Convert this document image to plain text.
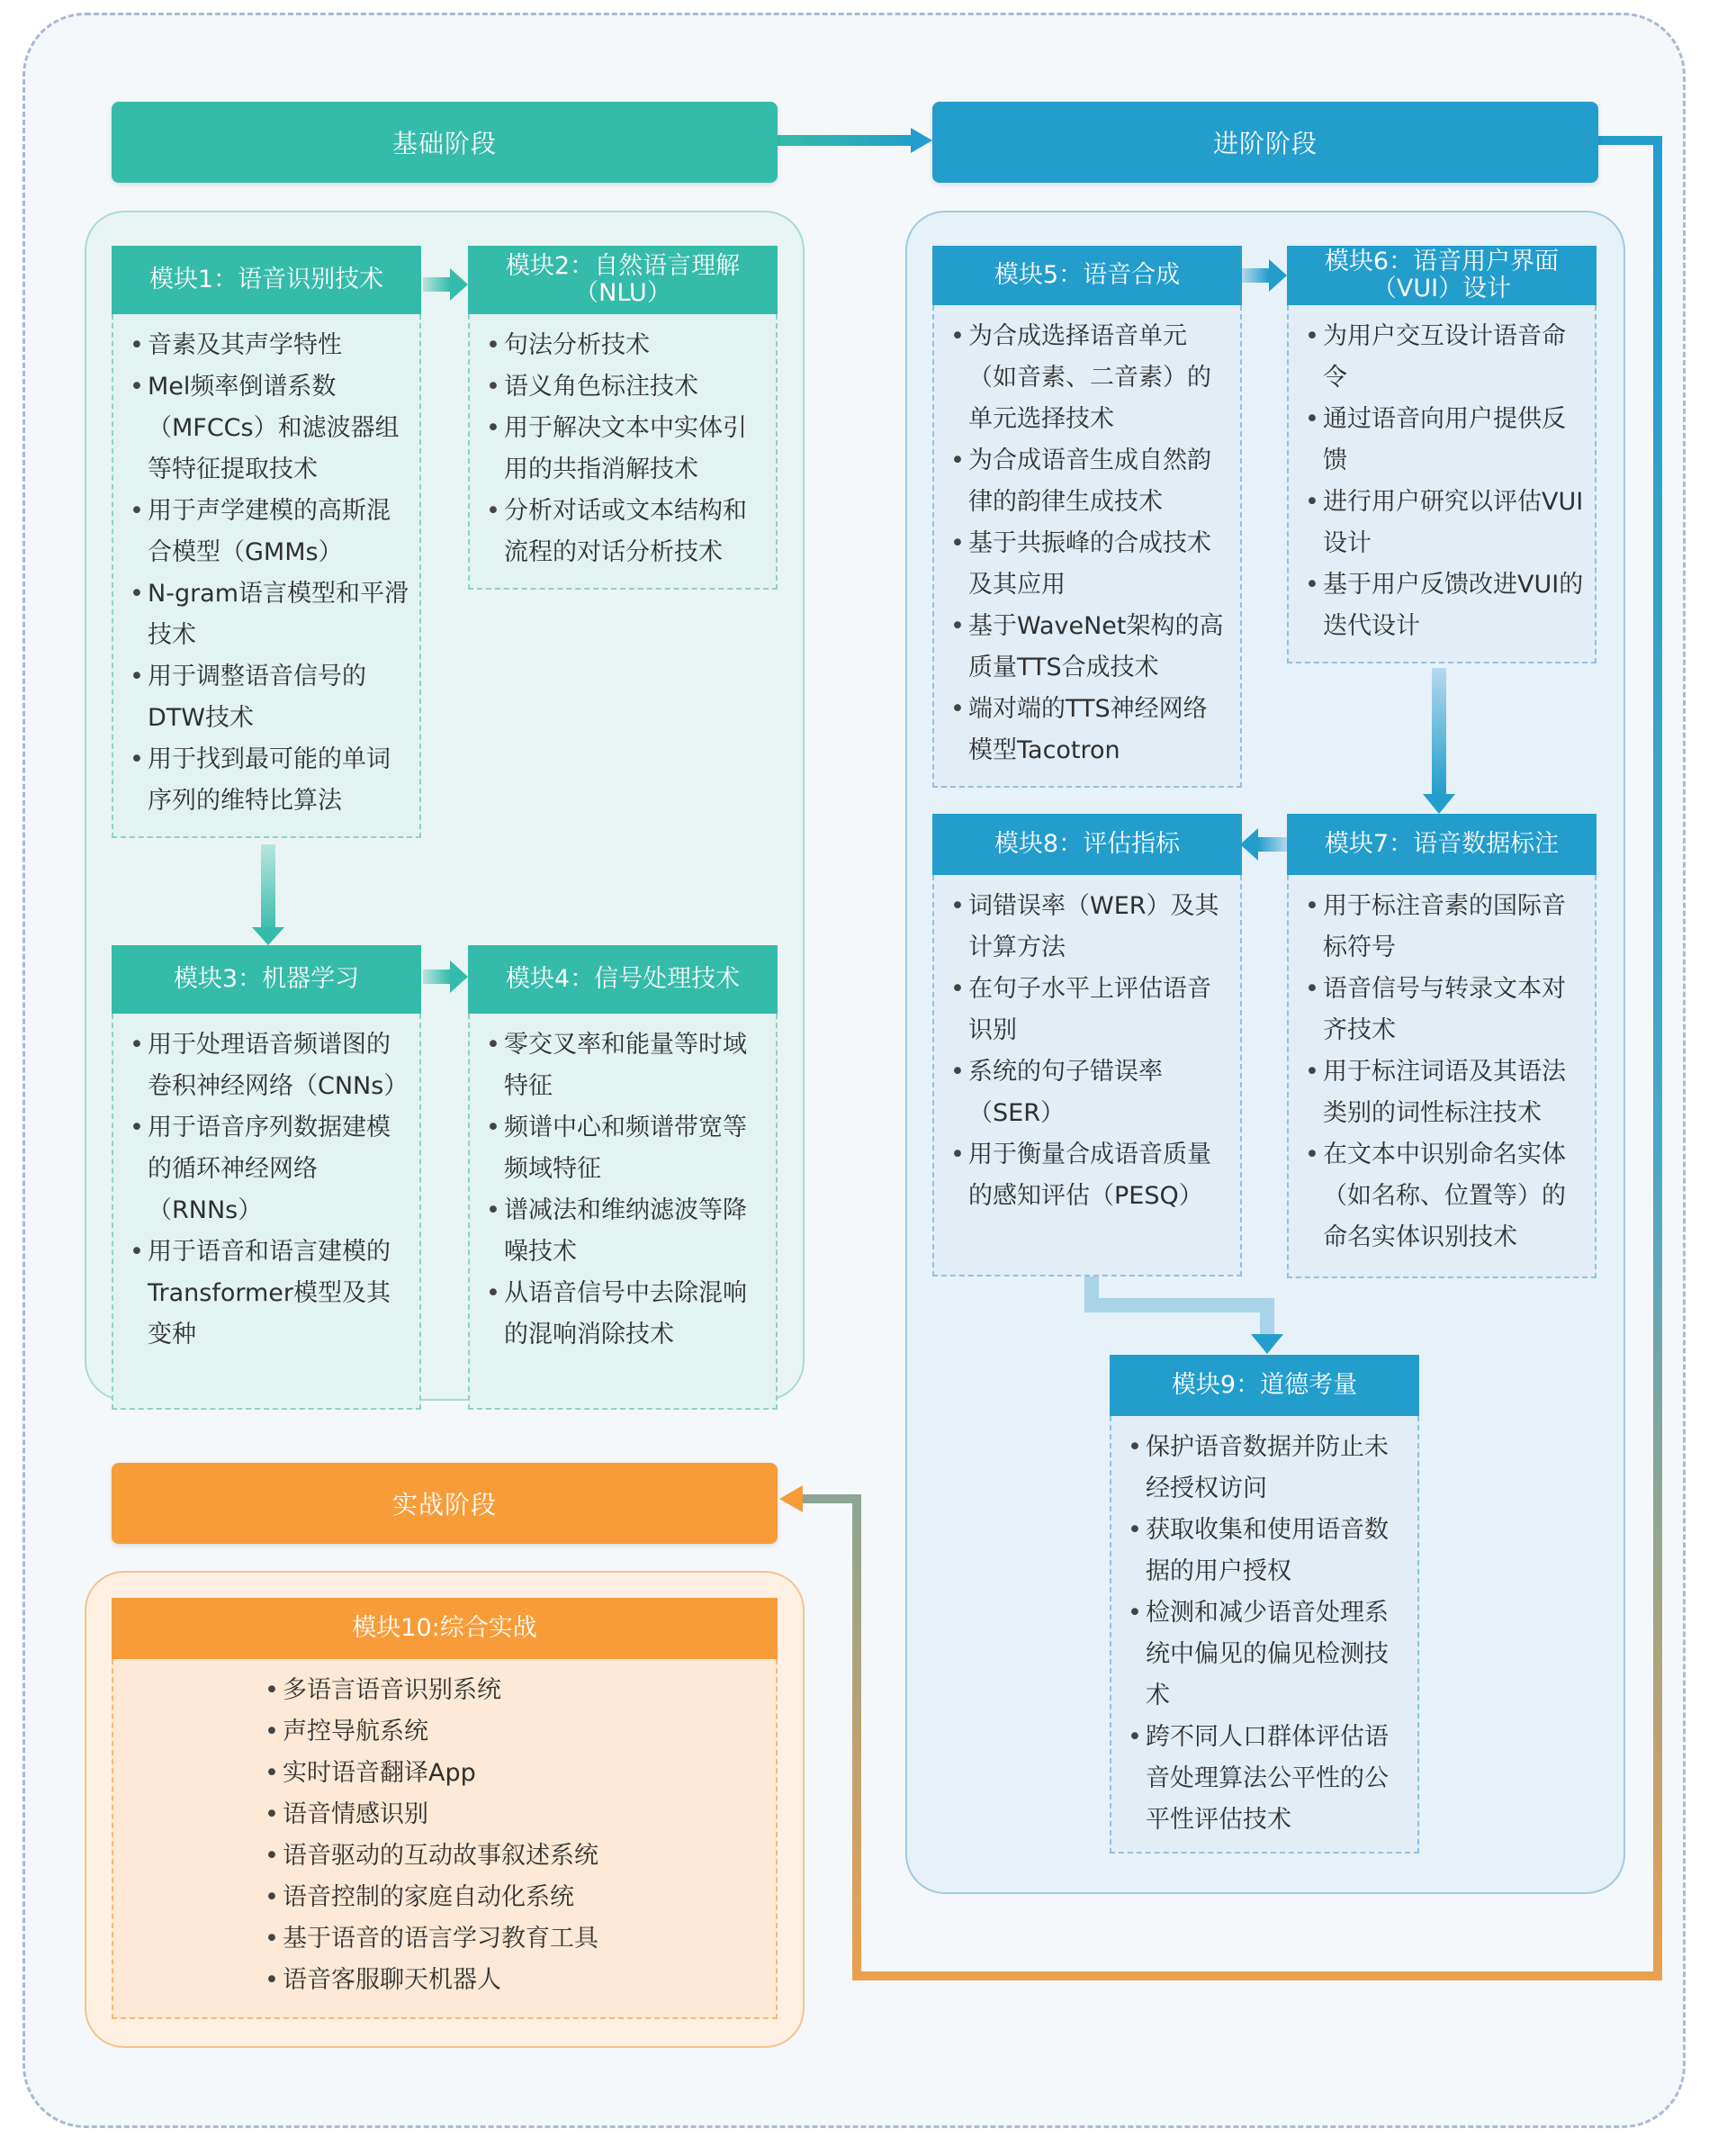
基础阶段	进阶阶段
实战阶段
模块1：语音识别技术
• 音素及其声学特性
• Mel频率倒谱系数（MFCCs）和滤波器组等特征提取技术
• 用于声学建模的高斯混合模型（GMMs）
• N-gram语言模型和平滑技术
• 用于调整语音信号的DTW技术
• 用于找到最可能的单词序列的维特比算法
模块2：自然语言理解（NLU）
• 句法分析技术
• 语义角色标注技术
• 用于解决文本中实体引用的共指消解技术
• 分析对话或文本结构和流程的对话分析技术
模块3：机器学习
• 用于处理语音频谱图的卷积神经网络（CNNs）
• 用于语音序列数据建模的循环神经网络（RNNs）
• 用于语音和语言建模的Transformer模型及其变种
模块4：信号处理技术
• 零交叉率和能量等时域特征
• 频谱中心和频谱带宽等频域特征
• 谱减法和维纳滤波等降噪技术
• 从语音信号中去除混响的混响消除技术
模块5：语音合成
• 为合成选择语音单元（如音素、二音素）的单元选择技术
• 为合成语音生成自然韵律的韵律生成技术
• 基于共振峰的合成技术及其应用
• 基于WaveNet架构的高质量TTS合成技术
• 端对端的TTS神经网络模型Tacotron
模块6：语音用户界面（VUI）设计
• 为用户交互设计语音命令
• 通过语音向用户提供反馈
• 进行用户研究以评估VUI设计
• 基于用户反馈改进VUI的迭代设计
模块7：语音数据标注
• 用于标注音素的国际音标符号
• 语音信号与转录文本对齐技术
• 用于标注词语及其语法类别的词性标注技术
• 在文本中识别命名实体（如名称、位置等）的命名实体识别技术
模块8：评估指标
• 词错误率（WER）及其计算方法
• 在句子水平上评估语音识别
• 系统的句子错误率（SER）
• 用于衡量合成语音质量的感知评估（PESQ）
模块9：道德考量
• 保护语音数据并防止未经授权访问
• 获取收集和使用语音数据的用户授权
• 检测和减少语音处理系统中偏见的偏见检测技术
• 跨不同人口群体评估语音处理算法公平性的公平性评估技术
模块10:综合实战
• 多语言语音识别系统
• 声控导航系统
• 实时语音翻译App
• 语音情感识别
• 语音驱动的互动故事叙述系统
• 语音控制的家庭自动化系统
• 基于语音的语言学习教育工具
• 语音客服聊天机器人
